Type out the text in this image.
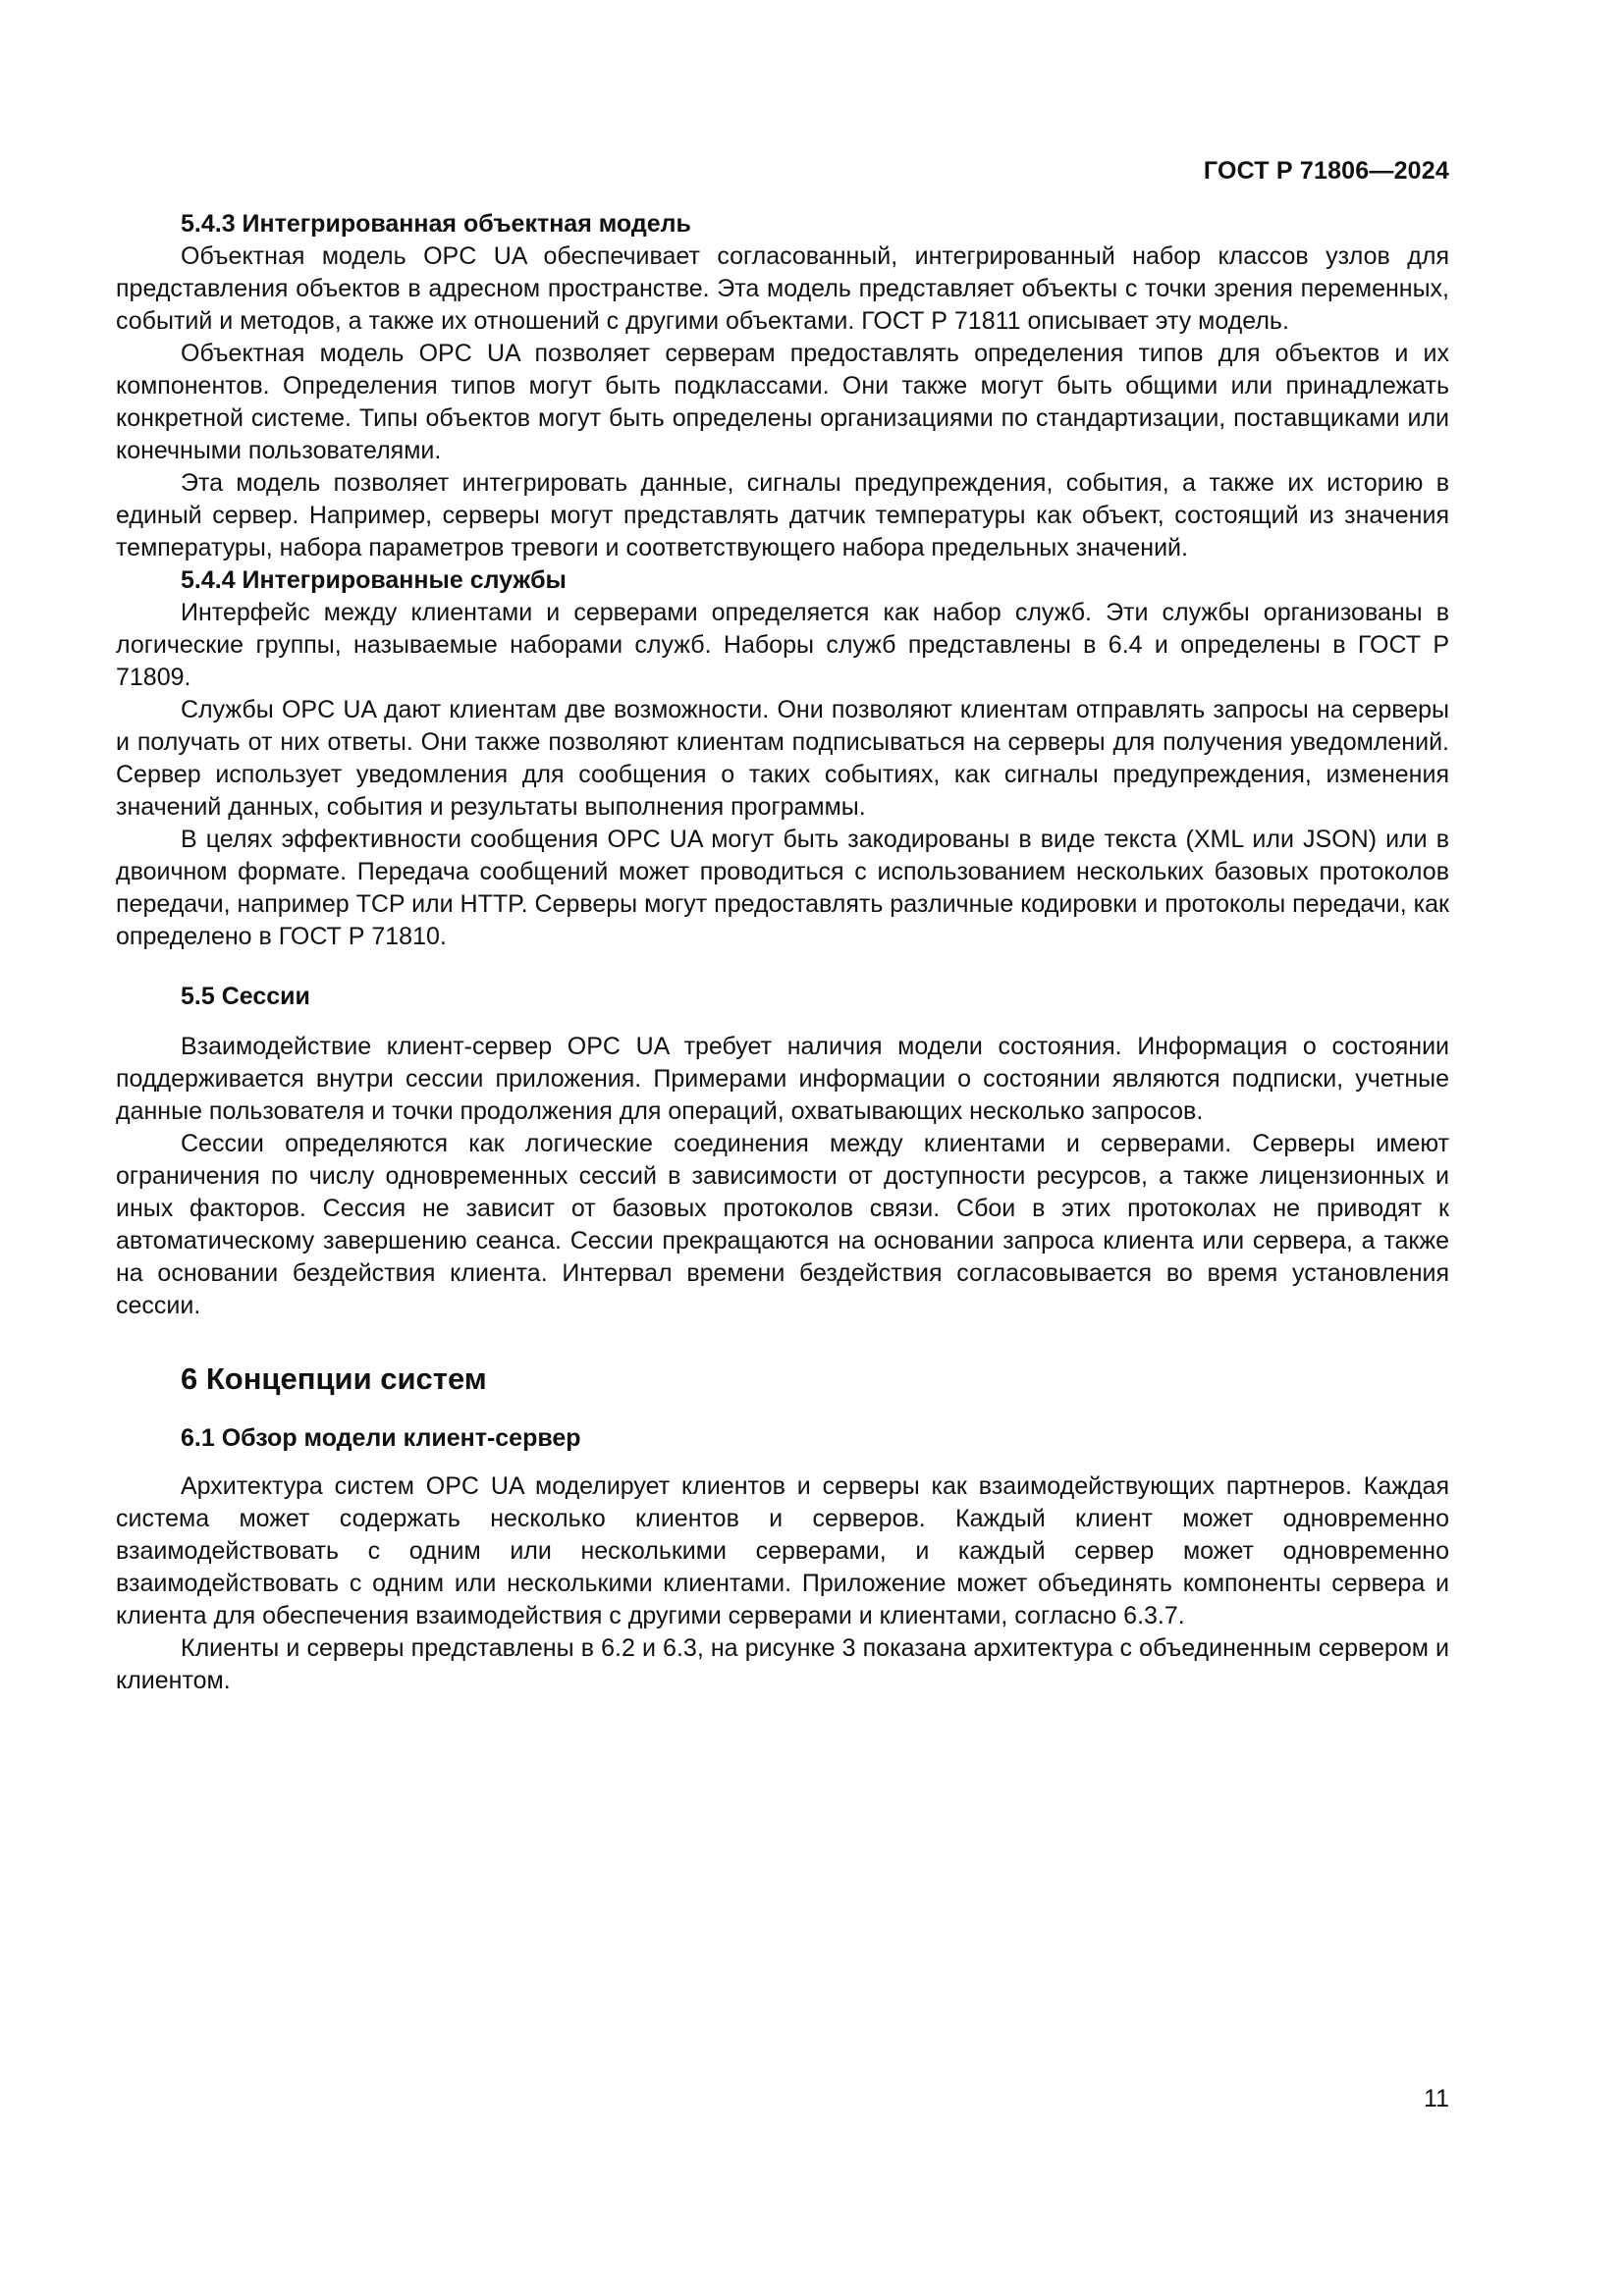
ГОСТ Р 71806—2024
5.4.3 Интегрированная объектная модель

Объектная модель OPC UA обеспечивает согласованный, интегрированный набор классов узлов для представления объектов в адресном пространстве. Эта модель представляет объекты с точки зрения переменных, событий и методов, а также их отношений с другими объектами. ГОСТ Р 71811 описывает эту модель.

Объектная модель OPC UA позволяет серверам предоставлять определения типов для объектов и их компонентов. Определения типов могут быть подклассами. Они также могут быть общими или принадлежать конкретной системе. Типы объектов могут быть определены организациями по стандартизации, поставщиками или конечными пользователями.

Эта модель позволяет интегрировать данные, сигналы предупреждения, события, а также их историю в единый сервер. Например, серверы могут представлять датчик температуры как объект, состоящий из значения температуры, набора параметров тревоги и соответствующего набора предельных значений.

5.4.4 Интегрированные службы

Интерфейс между клиентами и серверами определяется как набор служб. Эти службы организованы в логические группы, называемые наборами служб. Наборы служб представлены в 6.4 и определены в ГОСТ Р 71809.

Службы OPC UA дают клиентам две возможности. Они позволяют клиентам отправлять запросы на серверы и получать от них ответы. Они также позволяют клиентам подписываться на серверы для получения уведомлений. Сервер использует уведомления для сообщения о таких событиях, как сигналы предупреждения, изменения значений данных, события и результаты выполнения программы.

В целях эффективности сообщения OPC UA могут быть закодированы в виде текста (XML или JSON) или в двоичном формате. Передача сообщений может проводиться с использованием нескольких базовых протоколов передачи, например TCP или HTTP. Серверы могут предоставлять различные кодировки и протоколы передачи, как определено в ГОСТ Р 71810.

5.5 Сессии

Взаимодействие клиент-сервер OPC UA требует наличия модели состояния. Информация о состоянии поддерживается внутри сессии приложения. Примерами информации о состоянии являются подписки, учетные данные пользователя и точки продолжения для операций, охватывающих несколько запросов.

Сессии определяются как логические соединения между клиентами и серверами. Серверы имеют ограничения по числу одновременных сессий в зависимости от доступности ресурсов, а также лицензионных и иных факторов. Сессия не зависит от базовых протоколов связи. Сбои в этих протоколах не приводят к автоматическому завершению сеанса. Сессии прекращаются на основании запроса клиента или сервера, а также на основании бездействия клиента. Интервал времени бездействия согласовывается во время установления сессии.

6 Концепции систем
6.1 Обзор модели клиент-сервер

Архитектура систем OPC UA моделирует клиентов и серверы как взаимодействующих партнеров. Каждая система может содержать несколько клиентов и серверов. Каждый клиент может одновременно взаимодействовать с одним или несколькими серверами, и каждый сервер может одновременно взаимодействовать с одним или несколькими клиентами. Приложение может объединять компоненты сервера и клиента для обеспечения взаимодействия с другими серверами и клиентами, согласно 6.3.7.

Клиенты и серверы представлены в 6.2 и 6.3, на рисунке 3 показана архитектура с объединенным сервером и клиентом.

11
